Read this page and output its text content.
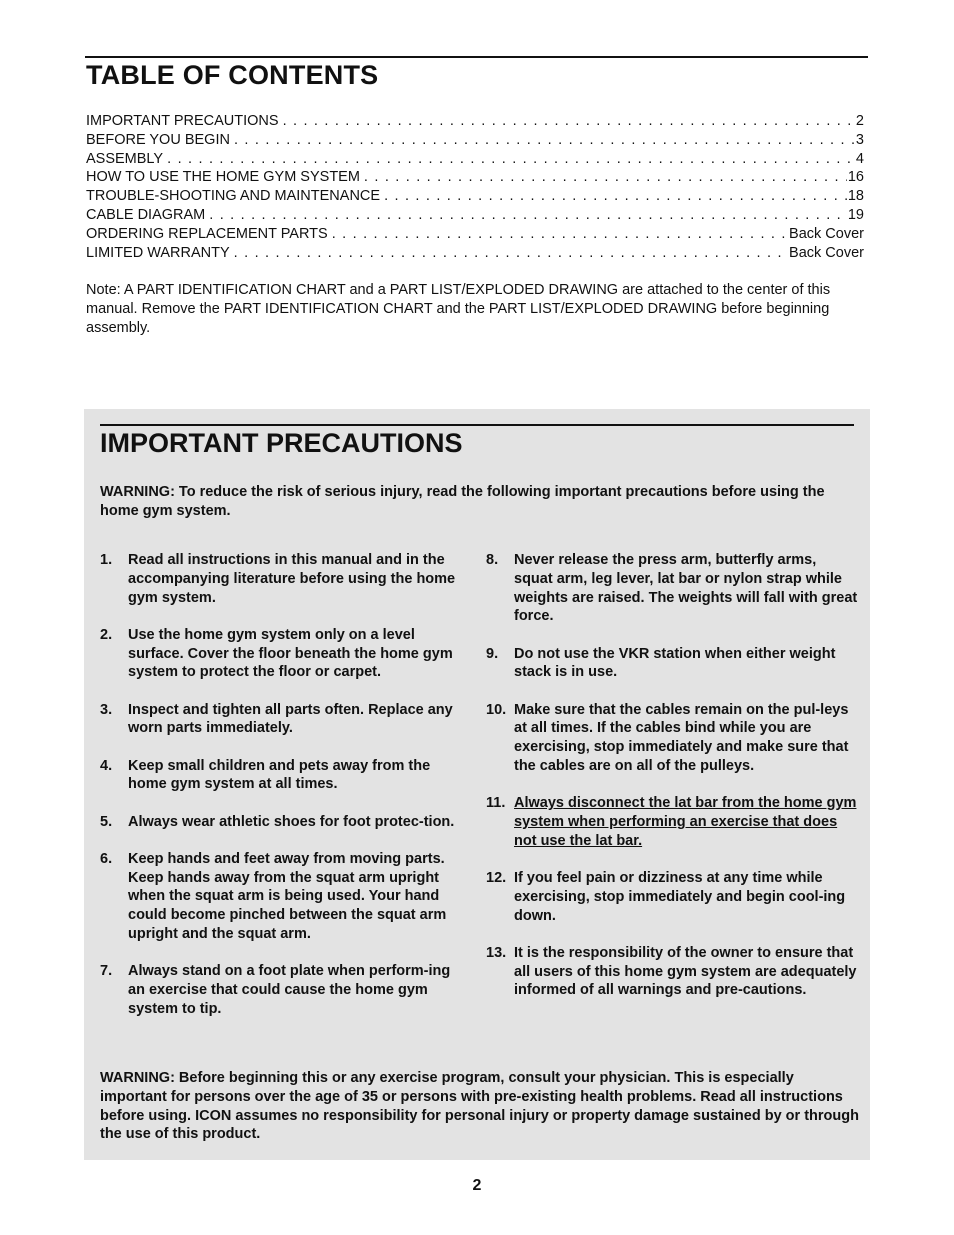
TABLE OF CONTENTS
IMPORTANT PRECAUTIONS . . .	2
BEFORE YOU BEGIN . . .	3
ASSEMBLY . . .	4
HOW TO USE THE HOME GYM SYSTEM . . .	16
TROUBLE-SHOOTING AND MAINTENANCE . . .	18
CABLE DIAGRAM . . .	19
ORDERING REPLACEMENT PARTS . . .	Back Cover
LIMITED WARRANTY . . .	Back Cover

Note: A PART IDENTIFICATION CHART and a PART LIST/EXPLODED DRAWING are attached to the center of this manual. Remove the PART IDENTIFICATION CHART and the PART LIST/EXPLODED DRAWING before beginning assembly.

IMPORTANT PRECAUTIONS

WARNING: To reduce the risk of serious injury, read the following important precautions before using the home gym system.

1.	Read all instructions in this manual and in the accompanying literature before using the home gym system.
2.	Use the home gym system only on a level surface. Cover the floor beneath the home gym system to protect the floor or carpet.
3.	Inspect and tighten all parts often. Replace any worn parts immediately.
4.	Keep small children and pets away from the home gym system at all times.
5.	Always wear athletic shoes for foot protec-tion.
6.	Keep hands and feet away from moving parts. Keep hands away from the squat arm upright when the squat arm is being used. Your hand could become pinched between the squat arm upright and the squat arm.
7.	Always stand on a foot plate when perform-ing an exercise that could cause the home gym system to tip.
8.	Never release the press arm, butterfly arms, squat arm, leg lever, lat bar or nylon strap while weights are raised. The weights will fall with great force.
9.	Do not use the VKR station when either weight stack is in use.
10. Make sure that the cables remain on the pul-leys at all times. If the cables bind while you are exercising, stop immediately and make sure that the cables are on all of the pulleys.
11. Always disconnect the lat bar from the home gym system when performing an exercise that does not use the lat bar.
12. If you feel pain or dizziness at any time while exercising, stop immediately and begin cool-ing down.
13. It is the responsibility of the owner to ensure that all users of this home gym system are adequately informed of all warnings and pre-cautions.

WARNING: Before beginning this or any exercise program, consult your physician. This is especially important for persons over the age of 35 or persons with pre-existing health problems. Read all instructions before using. ICON assumes no responsibility for personal injury or property damage sustained by or through the use of this product.

2
